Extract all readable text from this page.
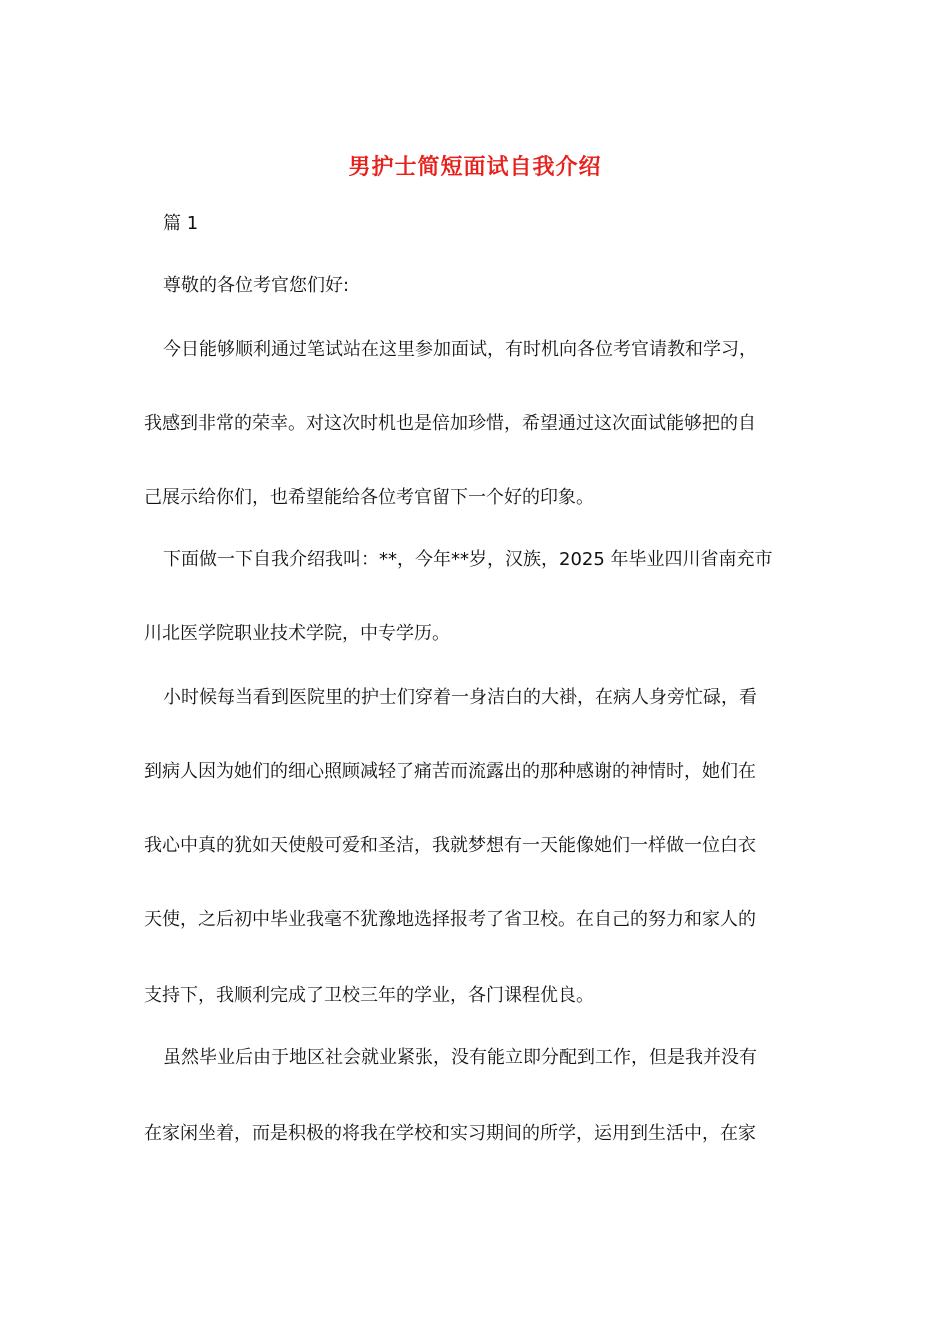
男护士简短面试自我介绍
篇 1
尊敬的各位考官您们好:
今日能够顺利通过笔试站在这里参加面试，有时机向各位考官请教和学习，
我感到非常的荣幸。对这次时机也是倍加珍惜，希望通过这次面试能够把的自
己展示给你们，也希望能给各位考官留下一个好的印象。
下面做一下自我介绍我叫：**，今年**岁，汉族，2025 年毕业四川省南充市
川北医学院职业技术学院，中专学历。
小时候每当看到医院里的护士们穿着一身洁白的大褂，在病人身旁忙碌，看
到病人因为她们的细心照顾减轻了痛苦而流露出的那种感谢的神情时，她们在
我心中真的犹如天使般可爱和圣洁，我就梦想有一天能像她们一样做一位白衣
天使，之后初中毕业我毫不犹豫地选择报考了省卫校。在自己的努力和家人的
支持下，我顺利完成了卫校三年的学业，各门课程优良。
虽然毕业后由于地区社会就业紧张，没有能立即分配到工作，但是我并没有
在家闲坐着，而是积极的将我在学校和实习期间的所学，运用到生活中，在家
